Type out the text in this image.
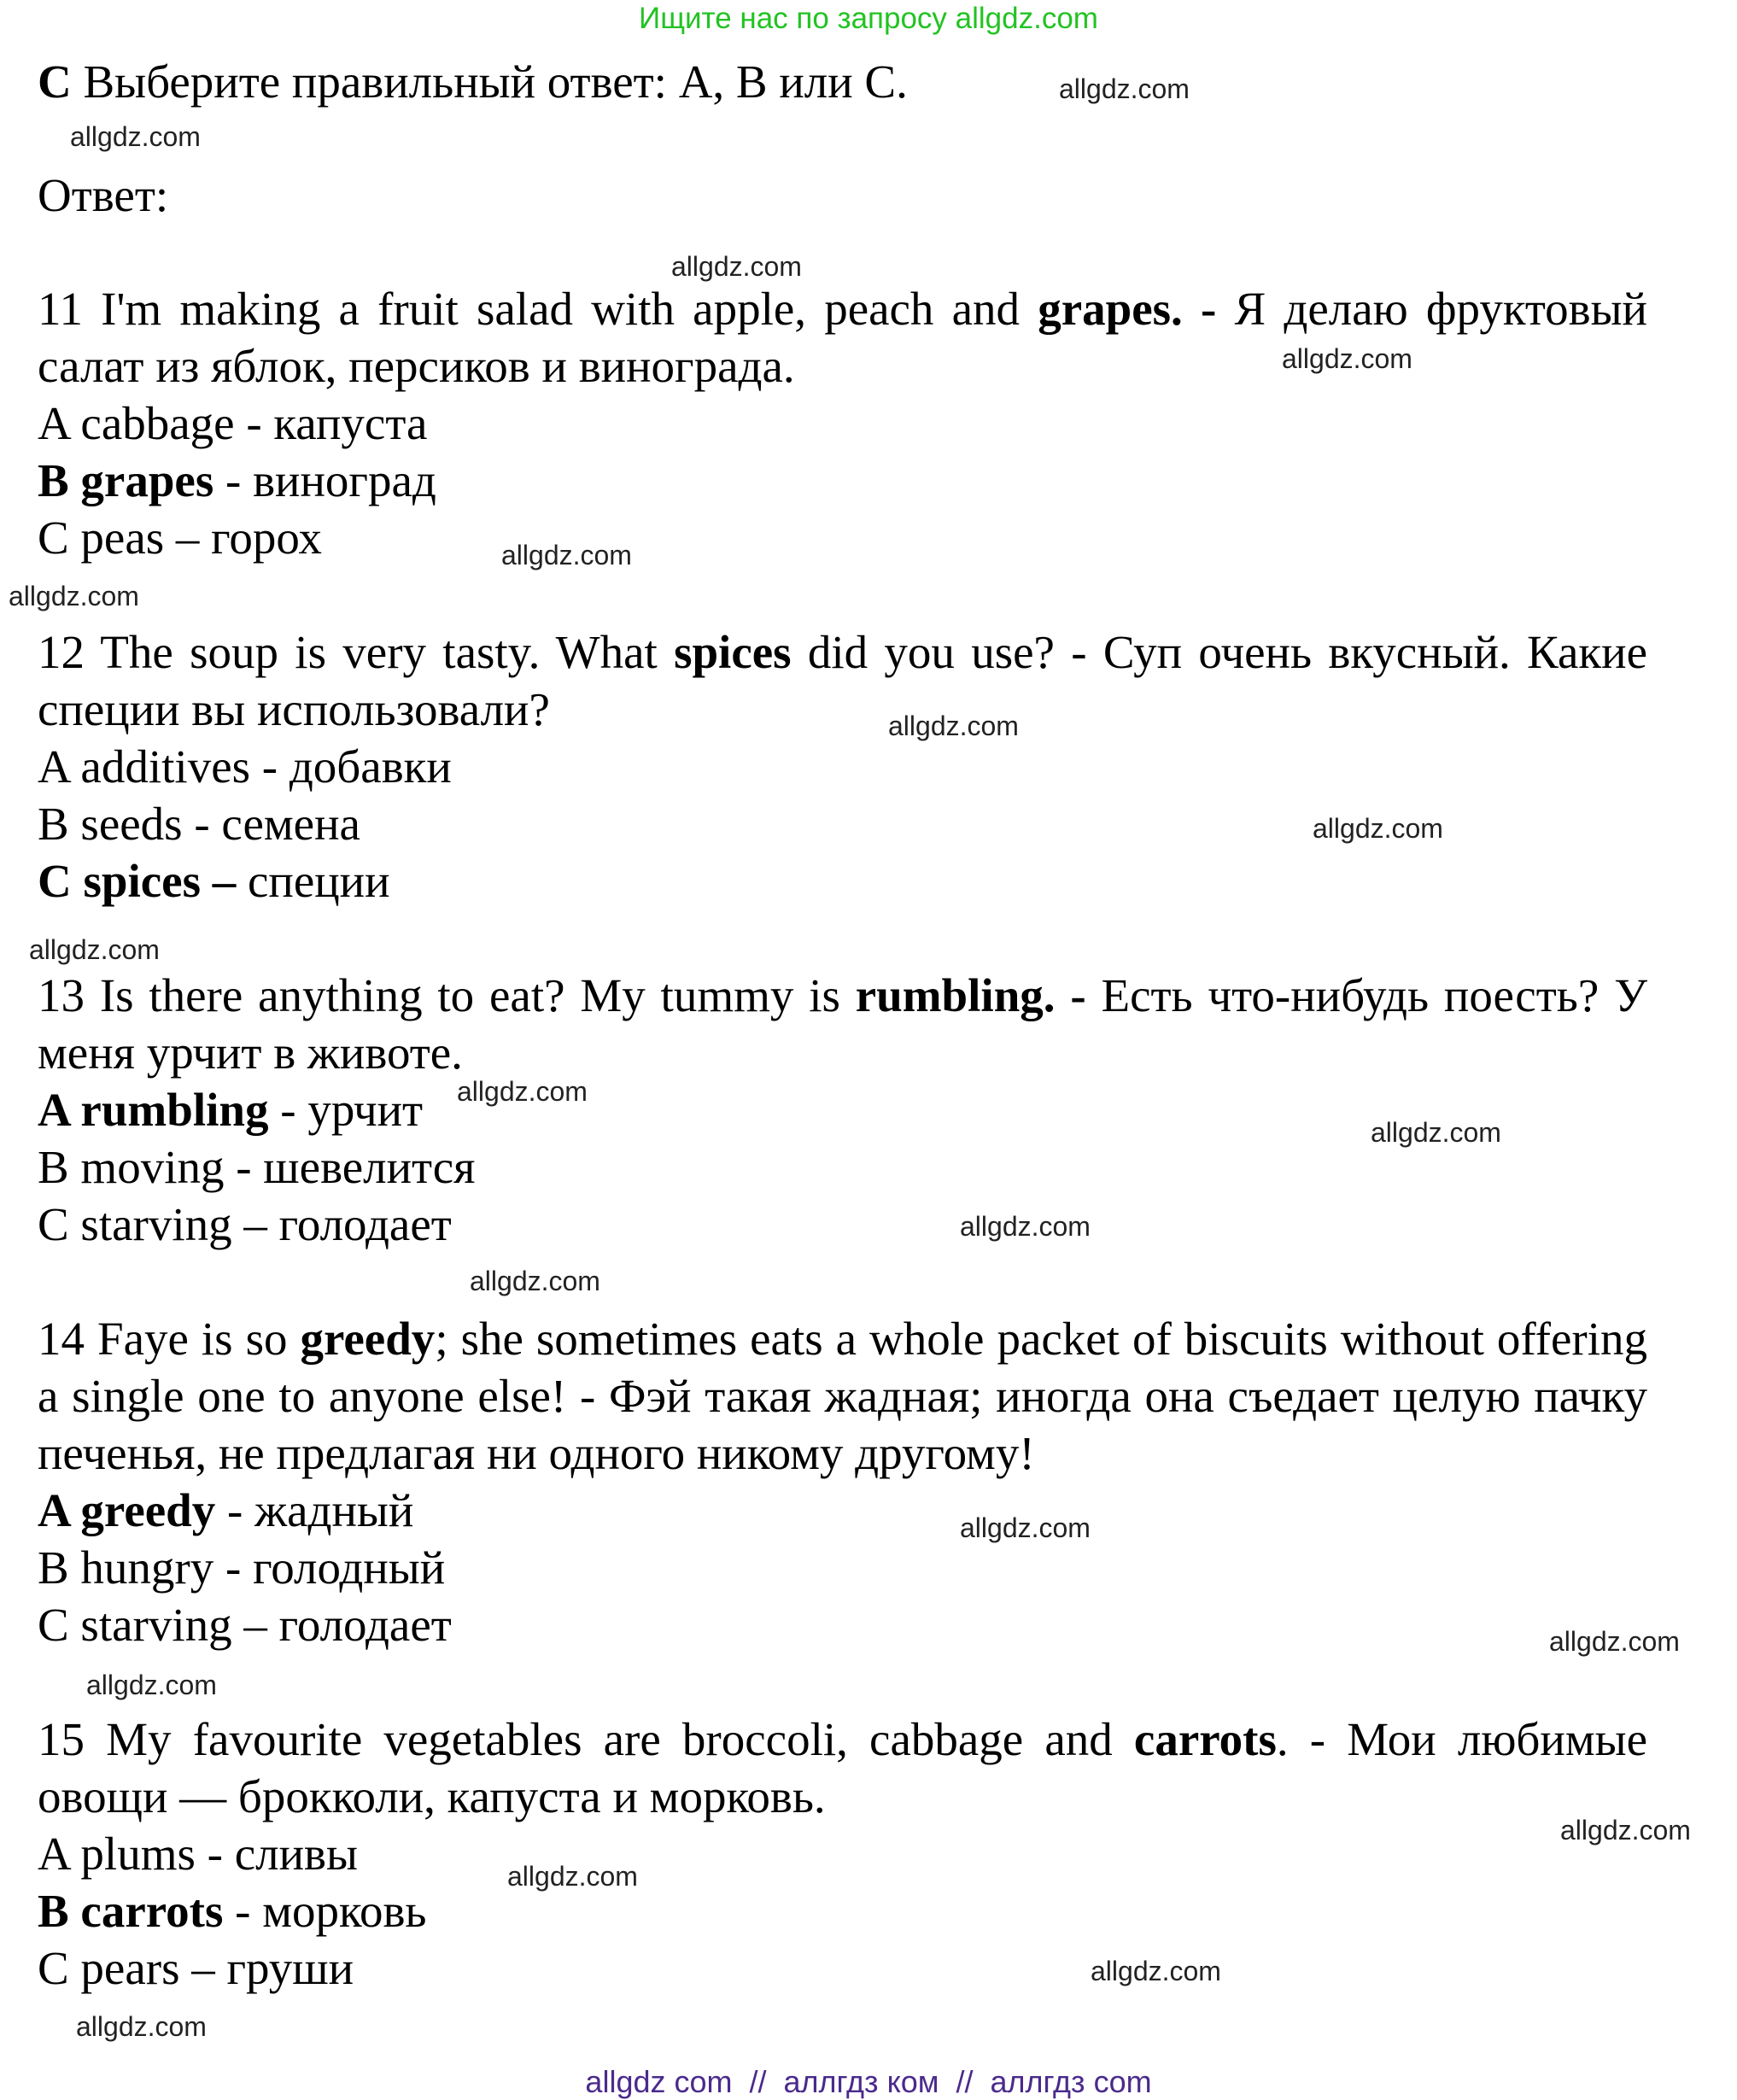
Ищите нас по запросу allgdz.com
C Выберите правильный ответ: A, B или C.
Ответ:
11 I'm making a fruit salad with apple, peach and grapes. - Я делаю фруктовый салат из яблок, персиков и винограда.
A cabbage - капуста
B grapes - виноград
C peas – горох
12 The soup is very tasty. What spices did you use? - Суп очень вкусный. Какие специи вы использовали?
A additives - добавки
B seeds - семена
C spices – специи
13 Is there anything to eat? My tummy is rumbling. - Есть что-нибудь поесть? У меня урчит в животе.
A rumbling - урчит
B moving - шевелится
C starving – голодает
14 Faye is so greedy; she sometimes eats a whole packet of biscuits without offering a single one to anyone else! - Фэй такая жадная; иногда она съедает целую пачку печенья, не предлагая ни одного никому другому!
A greedy - жадный
B hungry - голодный
C starving – голодает
15 My favourite vegetables are broccoli, cabbage and carrots. - Мои любимые овощи — брокколи, капуста и морковь.
A plums - сливы
B carrots - морковь
C pears – груши
allgdz.com
allgdz.com
allgdz.com
allgdz.com
allgdz.com
allgdz.com
allgdz.com
allgdz.com
allgdz.com
allgdz.com
allgdz.com
allgdz.com
allgdz.com
allgdz.com
allgdz.com
allgdz.com
allgdz.com
allgdz.com
allgdz.com
allgdz.com
allgdz com  //  аллгдз ком  //  аллгдз com
